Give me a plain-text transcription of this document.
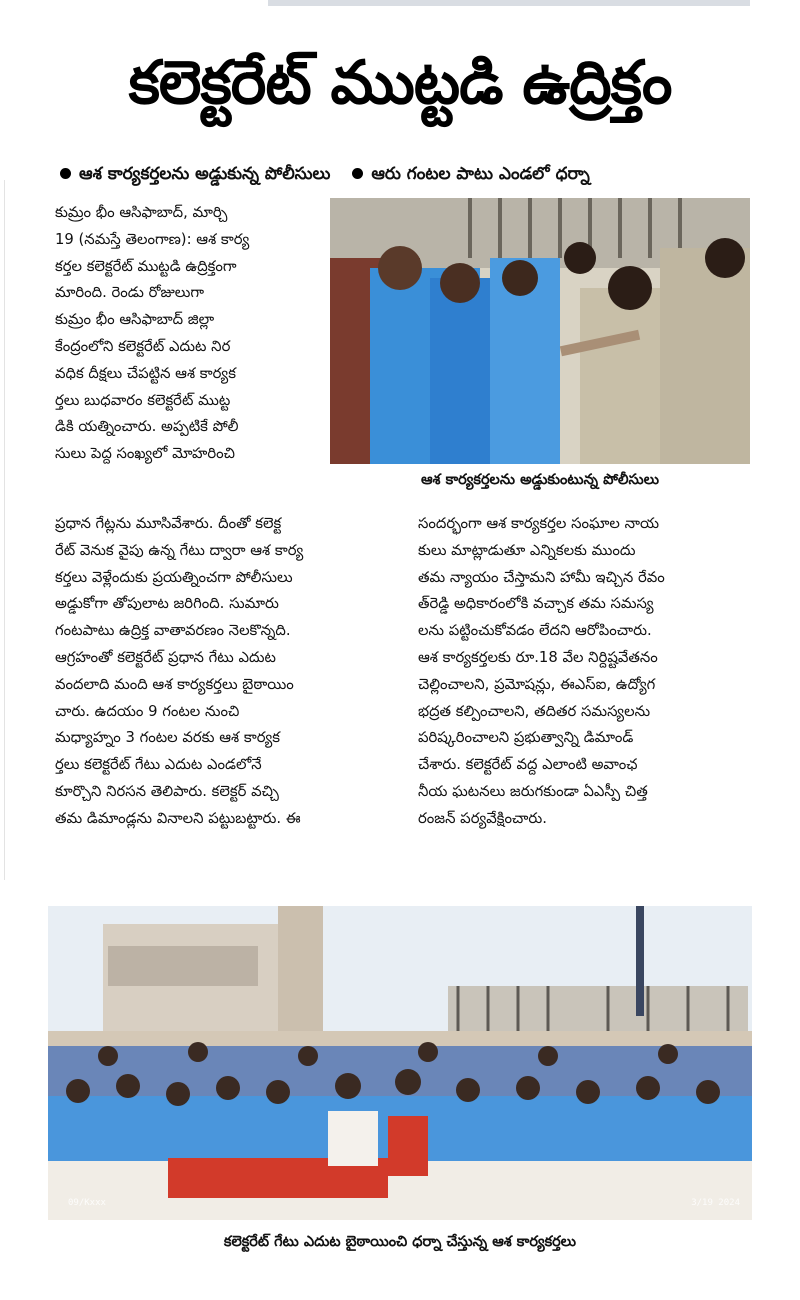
కలెక్టరేట్ ముట్టడి ఉద్రిక్తం
ఆశ కార్యకర్తలను అడ్డుకున్న పోలీసులు ఆరు గంటల పాటు ఎండలో ధర్నా
ఆశ కార్యకర్తలను అడ్డుకుంటున్న పోలీసులు
కుమ్రం భీం ఆసిఫాబాద్, మార్చి
19 (నమస్తే తెలంగాణ): ఆశ కార్య
కర్తల కలెక్టరేట్ ముట్టడి ఉద్రిక్తంగా
మారింది. రెండు రోజులుగా
కుమ్రం భీం ఆసిఫాబాద్ జిల్లా
కేంద్రంలోని కలెక్టరేట్ ఎదుట నిర
వధిక దీక్షలు చేపట్టిన ఆశ కార్యక
ర్తలు బుధవారం కలెక్టరేట్ ముట్ట
డికి యత్నించారు. అప్పటికే పోలీ
సులు పెద్ద సంఖ్యలో మోహరించి
ప్రధాన గేట్లను మూసివేశారు. దీంతో కలెక్ట
రేట్ వెనుక వైపు ఉన్న గేటు ద్వారా ఆశ కార్య
కర్తలు వెళ్లేందుకు ప్రయత్నించగా పోలీసులు
అడ్డుకోగా తోపులాట జరిగింది. సుమారు
గంటపాటు ఉద్రిక్త వాతావరణం నెలకొన్నది.
ఆగ్రహంతో కలెక్టరేట్ ప్రధాన గేటు ఎదుట
వందలాది మంది ఆశ కార్యకర్తలు బైఠాయిం
చారు. ఉదయం 9 గంటల నుంచి
మధ్యాహ్నం 3 గంటల వరకు ఆశ కార్యక
ర్తలు కలెక్టరేట్ గేటు ఎదుట ఎండలోనే
కూర్చొని నిరసన తెలిపారు. కలెక్టర్ వచ్చి
తమ డిమాండ్లను వినాలని పట్టుబట్టారు. ఈ
సందర్భంగా ఆశ కార్యకర్తల సంఘాల నాయ
కులు మాట్లాడుతూ ఎన్నికలకు ముందు
తమ న్యాయం చేస్తామని హామీ ఇచ్చిన రేవం
త్‌రెడ్డి అధికారంలోకి వచ్చాక తమ సమస్య
లను పట్టించుకోవడం లేదని ఆరోపించారు.
ఆశ కార్యకర్తలకు రూ.18 వేల నిర్దిష్టవేతనం
చెల్లించాలని, ప్రమోషన్లు, ఈఎస్ఐ, ఉద్యోగ
భద్రత కల్పించాలని, తదితర సమస్యలను
పరిష్కరించాలని ప్రభుత్వాన్ని డిమాండ్
చేశారు. కలెక్టరేట్ వద్ద ఎలాంటి అవాంఛ
నీయ ఘటనలు జరుగకుండా ఏఎస్పీ చిత్త
రంజన్ పర్యవేక్షించారు.
09/Kxxx	3/19 2024
కలెక్టరేట్ గేటు ఎదుట బైఠాయించి ధర్నా చేస్తున్న ఆశ కార్యకర్తలు
